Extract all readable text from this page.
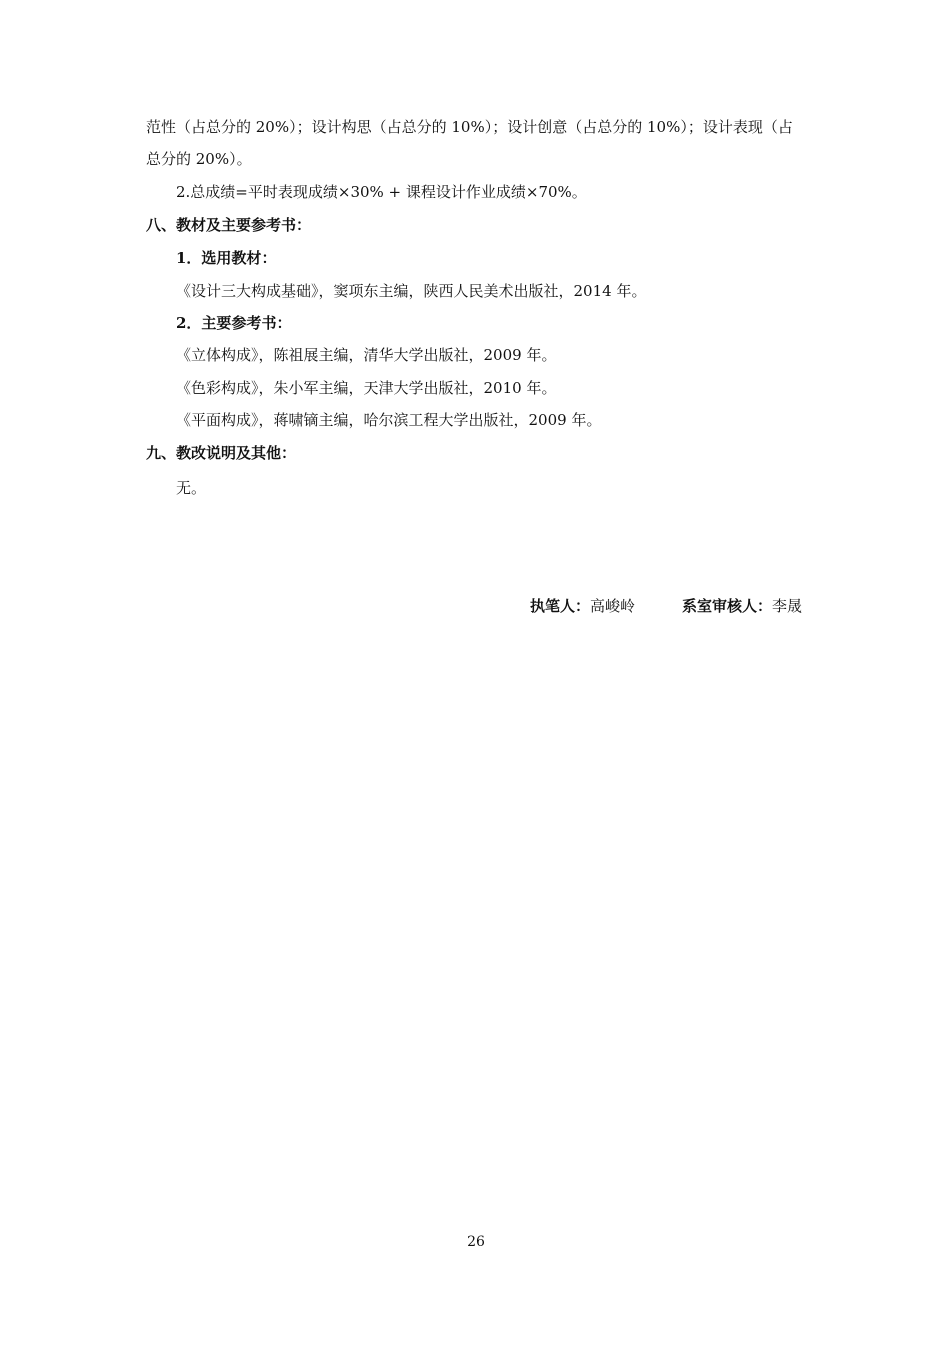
范性（占总分的 20%）；设计构思（占总分的 10%）；设计创意（占总分的 10%）；设计表现（占
总分的 20%）。
2.总成绩=平时表现成绩×30% + 课程设计作业成绩×70%。
八、教材及主要参考书：
1．选用教材：
《设计三大构成基础》，窦项东主编，陕西人民美术出版社，2014 年。
2．主要参考书：
《立体构成》，陈祖展主编，清华大学出版社，2009 年。
《色彩构成》，朱小军主编，天津大学出版社，2010 年。
《平面构成》，蒋啸镝主编，哈尔滨工程大学出版社，2009 年。
九、教改说明及其他：
无。
执笔人：高峻岭	系室审核人：李晟
26
